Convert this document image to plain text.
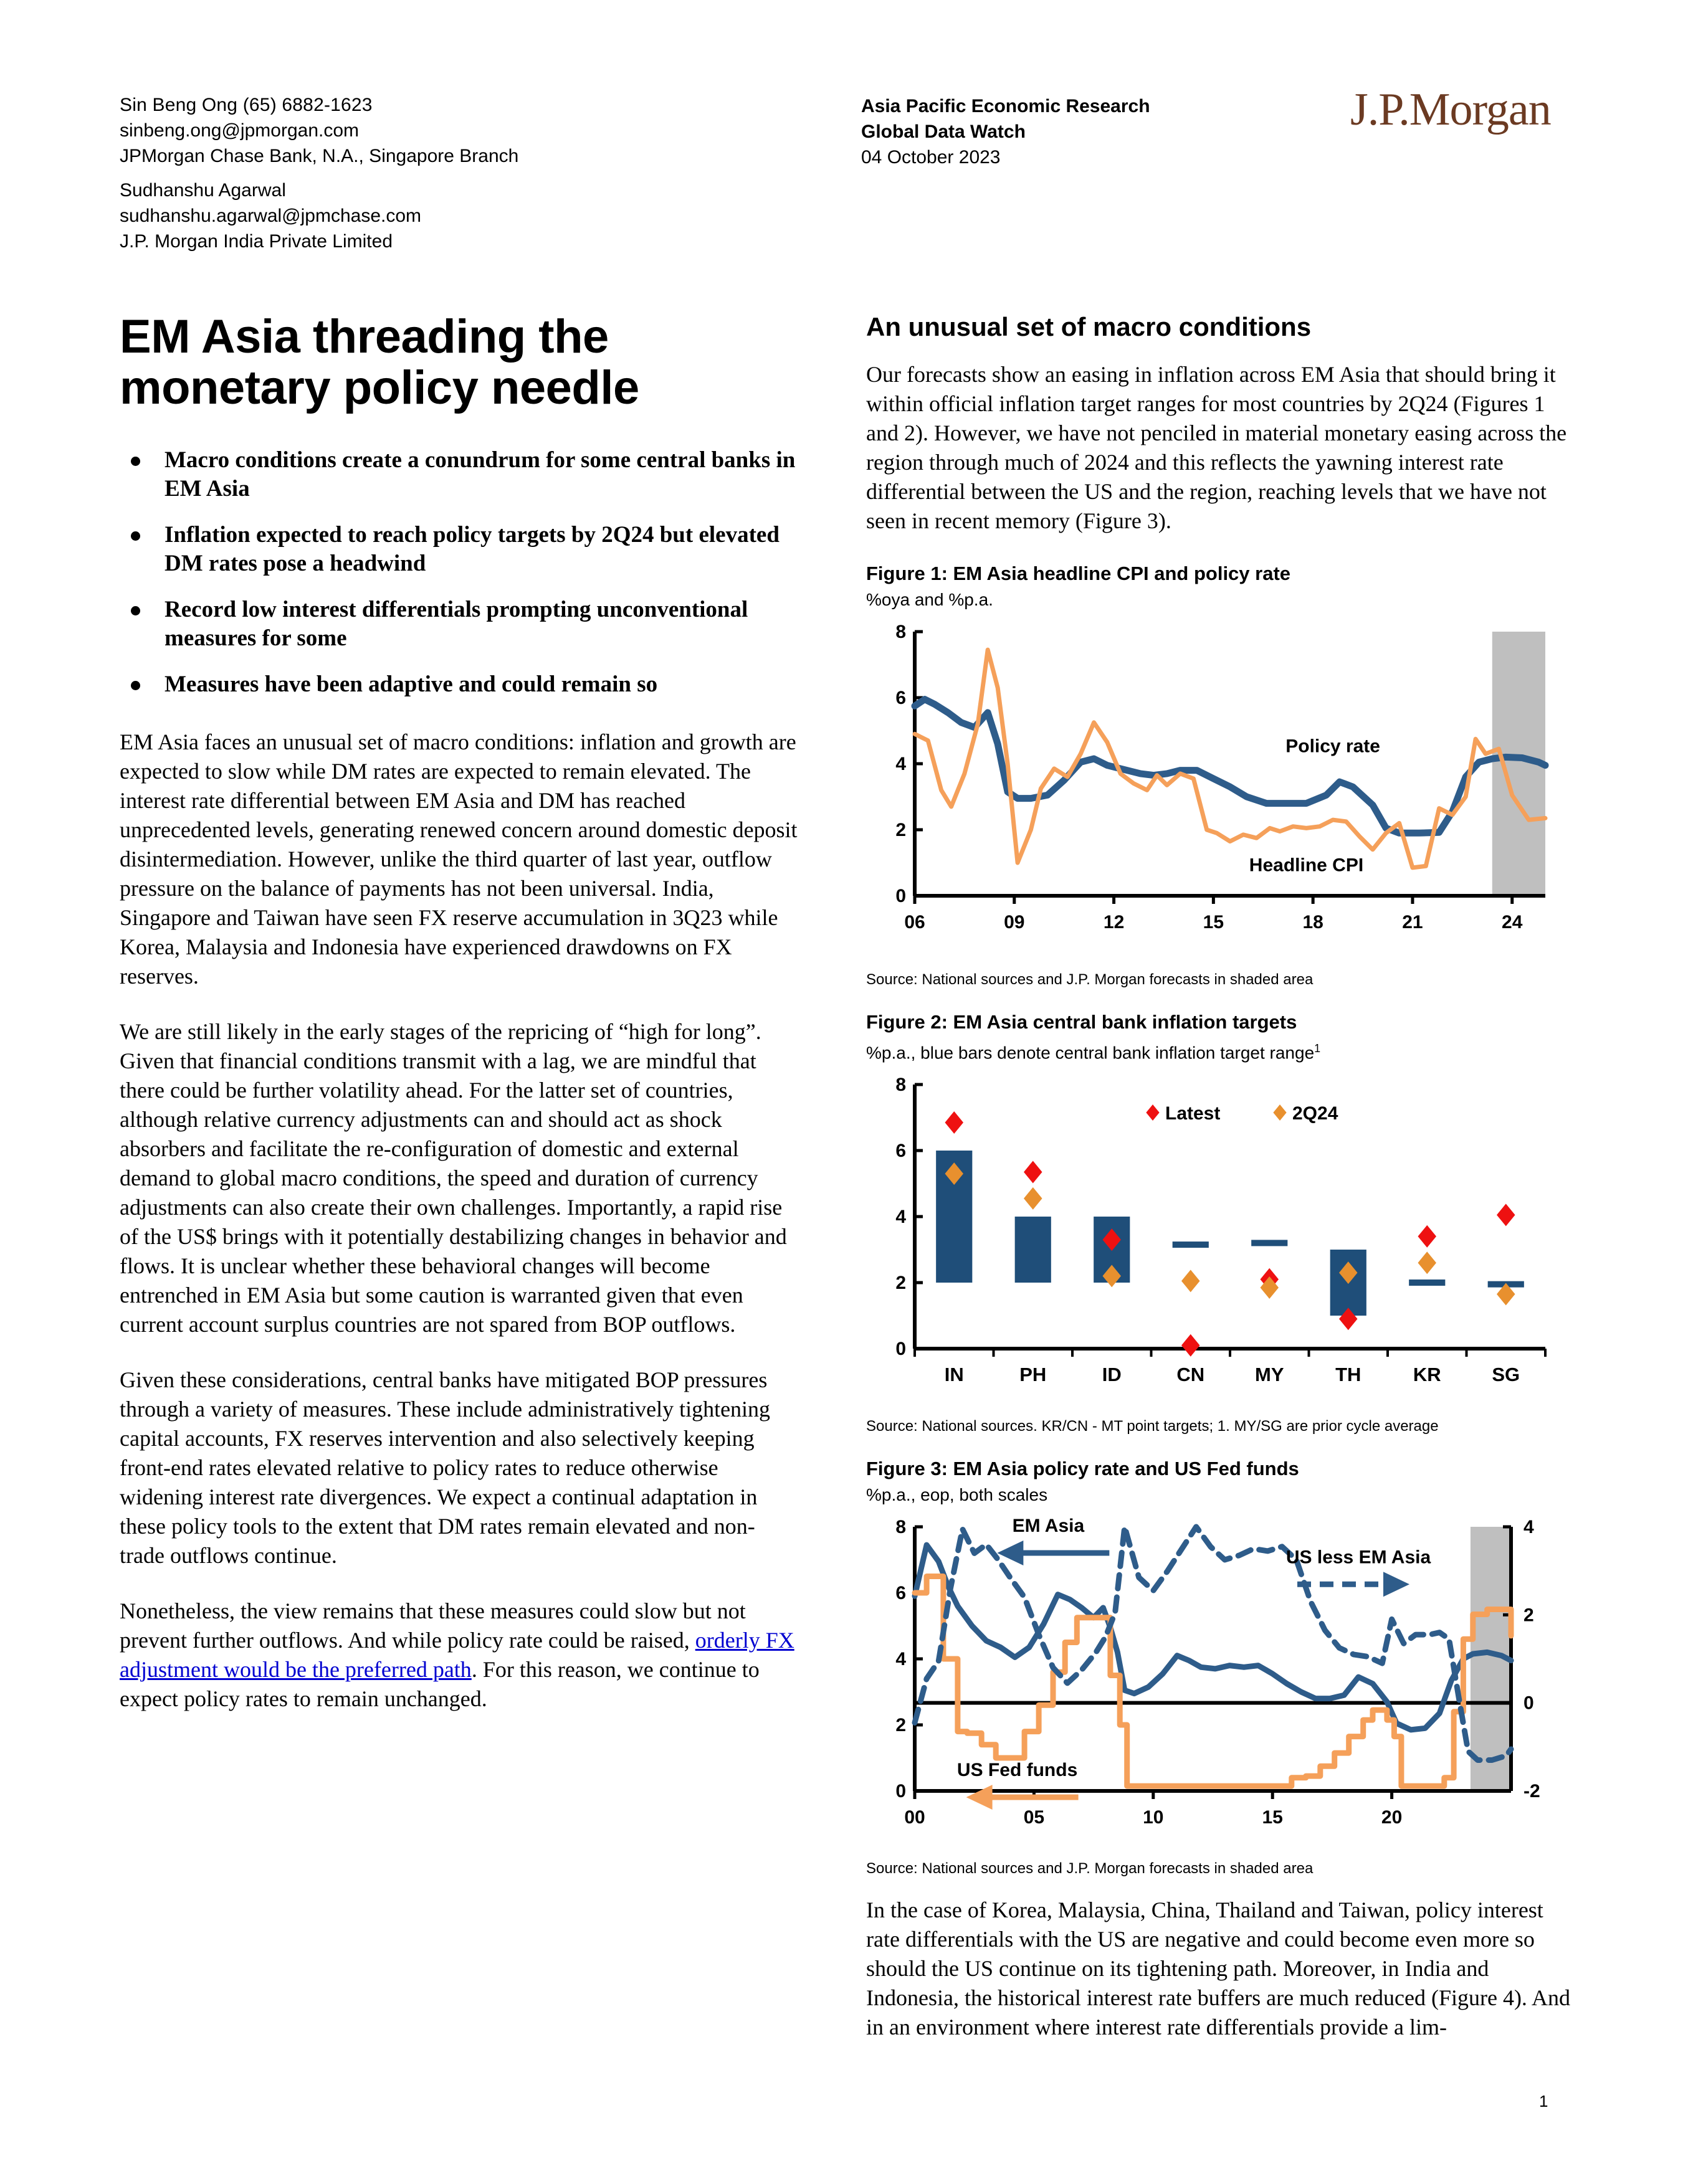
Sin Beng Ong (65) 6882-1623
sinbeng.ong@jpmorgan.com
JPMorgan Chase Bank, N.A., Singapore Branch
Sudhanshu Agarwal
sudhanshu.agarwal@jpmchase.com
J.P. Morgan India Private Limited
Asia Pacific Economic Research
Global Data Watch
04 October 2023
J.P.Morgan
EM Asia threading the monetary policy needle
Macro conditions create a conundrum for some central banks in EM Asia
Inflation expected to reach policy targets by 2Q24 but elevated DM rates pose a headwind
Record low interest differentials prompting unconventional measures for some
Measures have been adaptive and could remain so

EM Asia faces an unusual set of macro conditions: inflation and growth are expected to slow while DM rates are expected to remain elevated. The interest rate differential between EM Asia and DM has reached unprecedented levels, generating renewed concern around domestic deposit disintermediation. However, unlike the third quarter of last year, outflow pressure on the balance of payments has not been universal. India, Singapore and Taiwan have seen FX reserve accumulation in 3Q23 while Korea, Malaysia and Indonesia have experienced drawdowns on FX reserves.

We are still likely in the early stages of the repricing of “high for long”. Given that financial conditions transmit with a lag, we are mindful that there could be further volatility ahead. For the latter set of countries, although relative currency adjustments can and should act as shock absorbers and facilitate the re-configuration of domestic and external demand to global macro conditions, the speed and duration of currency adjustments can also create their own challenges. Importantly, a rapid rise of the US$ brings with it potentially destabilizing changes in behavior and flows. It is unclear whether these behavioral changes will become entrenched in EM Asia but some caution is warranted given that even current account surplus countries are not spared from BOP outflows.

Given these considerations, central banks have mitigated BOP pressures through a variety of measures. These include administratively tightening capital accounts, FX reserves intervention and also selectively keeping front-end rates elevated relative to policy rates to reduce otherwise widening interest rate divergences. We expect a continual adaptation in these policy tools to the extent that DM rates remain elevated and non-trade outflows continue.

Nonetheless, the view remains that these measures could slow but not prevent further outflows. And while policy rate could be raised, orderly FX adjustment would be the preferred path. For this reason, we continue to expect policy rates to remain unchanged.

An unusual set of macro conditions

Our forecasts show an easing in inflation across EM Asia that should bring it within official inflation target ranges for most countries by 2Q24 (Figures 1 and 2). However, we have not penciled in material monetary easing across the region through much of 2024 and this reflects the yawning interest rate differential between the US and the region, reaching levels that we have not seen in recent memory (Figure 3).

Figure 1: EM Asia headline CPI and policy rate
%oya and %p.a.
0
2
4
6
8
06	09	12	15	18	21	24
Policy rate
Headline CPI
Source: National sources and J.P. Morgan forecasts in shaded area
Figure 2: EM Asia central bank inflation targets
%p.a., blue bars denote central bank inflation target range$^1$
0
2
4
6
8
IN	PH	ID	CN	MY	TH	KR	SG
Latest	2Q24
Source: National sources. KR/CN - MT point targets; 1. MY/SG are prior cycle average
Figure 3: EM Asia policy rate and US Fed funds
%p.a., eop, both scales
0
2
4
6
8
-2
0
2
4
00	05	10	15	20
EM Asia
US less EM Asia
US Fed funds
Source: National sources and J.P. Morgan forecasts in shaded area

In the case of Korea, Malaysia, China, Thailand and Taiwan, policy interest rate differentials with the US are negative and could become even more so should the US continue on its tightening path. Moreover, in India and Indonesia, the historical interest rate buffers are much reduced (Figure 4). And in an environment where interest rate differentials provide a lim-

1
